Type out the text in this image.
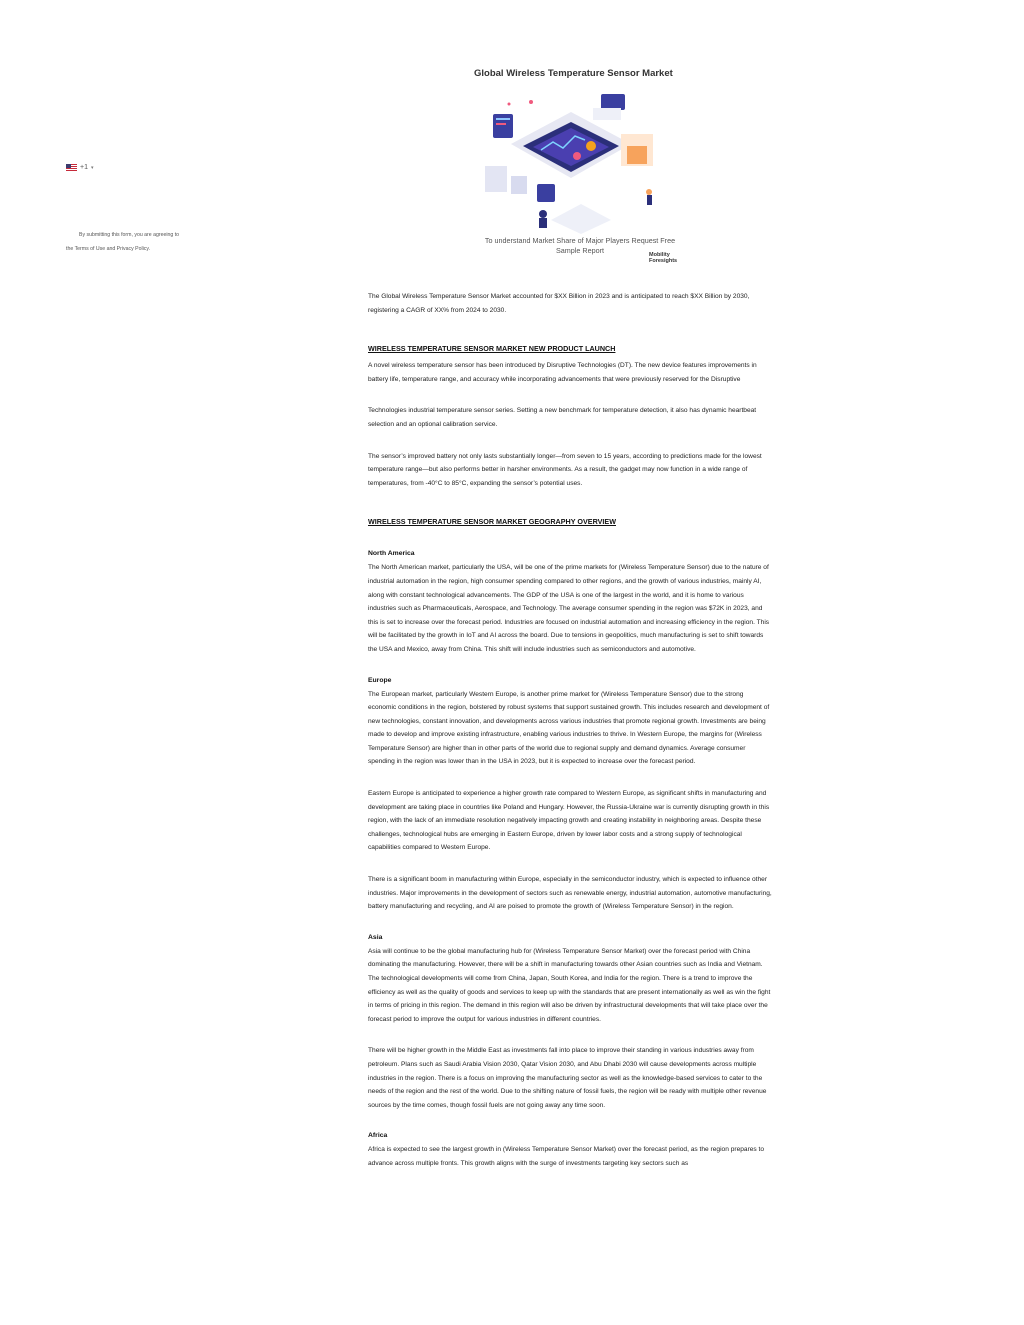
+1 ▾
By submitting this form, you are agreeing to
the Terms of Use and Privacy Policy.
Global Wireless Temperature Sensor Market
To understand Market Share of Major Players Request Free Sample Report	Mobility
Foresights

The Global Wireless Temperature Sensor Market accounted for $XX Billion in 2023 and is anticipated to reach $XX Billion by 2030, registering a CAGR of XX% from 2024 to 2030.

WIRELESS TEMPERATURE SENSOR MARKET NEW PRODUCT LAUNCH

A novel wireless temperature sensor has been introduced by Disruptive Technologies (DT). The new device features improvements in battery life, temperature range, and accuracy while incorporating advancements that were previously reserved for the Disruptive

Technologies industrial temperature sensor series. Setting a new benchmark for temperature detection, it also has dynamic heartbeat selection and an optional calibration service.

The sensor’s improved battery not only lasts substantially longer—from seven to 15 years, according to predictions made for the lowest temperature range—but also performs better in harsher environments. As a result, the gadget may now function in a wide range of temperatures, from -40°C to 85°C, expanding the sensor’s potential uses.

WIRELESS TEMPERATURE SENSOR MARKET GEOGRAPHY OVERVIEW
North America

The North American market, particularly the USA, will be one of the prime markets for (Wireless Temperature Sensor) due to the nature of industrial automation in the region, high consumer spending compared to other regions, and the growth of various industries, mainly AI, along with constant technological advancements. The GDP of the USA is one of the largest in the world, and it is home to various industries such as Pharmaceuticals, Aerospace, and Technology. The average consumer spending in the region was $72K in 2023, and this is set to increase over the forecast period. Industries are focused on industrial automation and increasing efficiency in the region. This will be facilitated by the growth in IoT and AI across the board. Due to tensions in geopolitics, much manufacturing is set to shift towards the USA and Mexico, away from China. This shift will include industries such as semiconductors and automotive.

Europe

The European market, particularly Western Europe, is another prime market for (Wireless Temperature Sensor) due to the strong economic conditions in the region, bolstered by robust systems that support sustained growth. This includes research and development of new technologies, constant innovation, and developments across various industries that promote regional growth. Investments are being made to develop and improve existing infrastructure, enabling various industries to thrive. In Western Europe, the margins for (Wireless Temperature Sensor) are higher than in other parts of the world due to regional supply and demand dynamics. Average consumer spending in the region was lower than in the USA in 2023, but it is expected to increase over the forecast period.

Eastern Europe is anticipated to experience a higher growth rate compared to Western Europe, as significant shifts in manufacturing and development are taking place in countries like Poland and Hungary. However, the Russia-Ukraine war is currently disrupting growth in this region, with the lack of an immediate resolution negatively impacting growth and creating instability in neighboring areas. Despite these challenges, technological hubs are emerging in Eastern Europe, driven by lower labor costs and a strong supply of technological capabilities compared to Western Europe.

There is a significant boom in manufacturing within Europe, especially in the semiconductor industry, which is expected to influence other industries. Major improvements in the development of sectors such as renewable energy, industrial automation, automotive manufacturing, battery manufacturing and recycling, and AI are poised to promote the growth of (Wireless Temperature Sensor) in the region.

Asia

Asia will continue to be the global manufacturing hub for (Wireless Temperature Sensor Market) over the forecast period with China dominating the manufacturing. However, there will be a shift in manufacturing towards other Asian countries such as India and Vietnam. The technological developments will come from China, Japan, South Korea, and India for the region. There is a trend to improve the efficiency as well as the quality of goods and services to keep up with the standards that are present internationally as well as win the fight in terms of pricing in this region. The demand in this region will also be driven by infrastructural developments that will take place over the forecast period to improve the output for various industries in different countries.

There will be higher growth in the Middle East as investments fall into place to improve their standing in various industries away from petroleum. Plans such as Saudi Arabia Vision 2030, Qatar Vision 2030, and Abu Dhabi 2030 will cause developments across multiple industries in the region. There is a focus on improving the manufacturing sector as well as the knowledge-based services to cater to the needs of the region and the rest of the world. Due to the shifting nature of fossil fuels, the region will be ready with multiple other revenue sources by the time comes, though fossil fuels are not going away any time soon.

Africa

Africa is expected to see the largest growth in (Wireless Temperature Sensor Market) over the forecast period, as the region prepares to advance across multiple fronts. This growth aligns with the surge of investments targeting key sectors such as
